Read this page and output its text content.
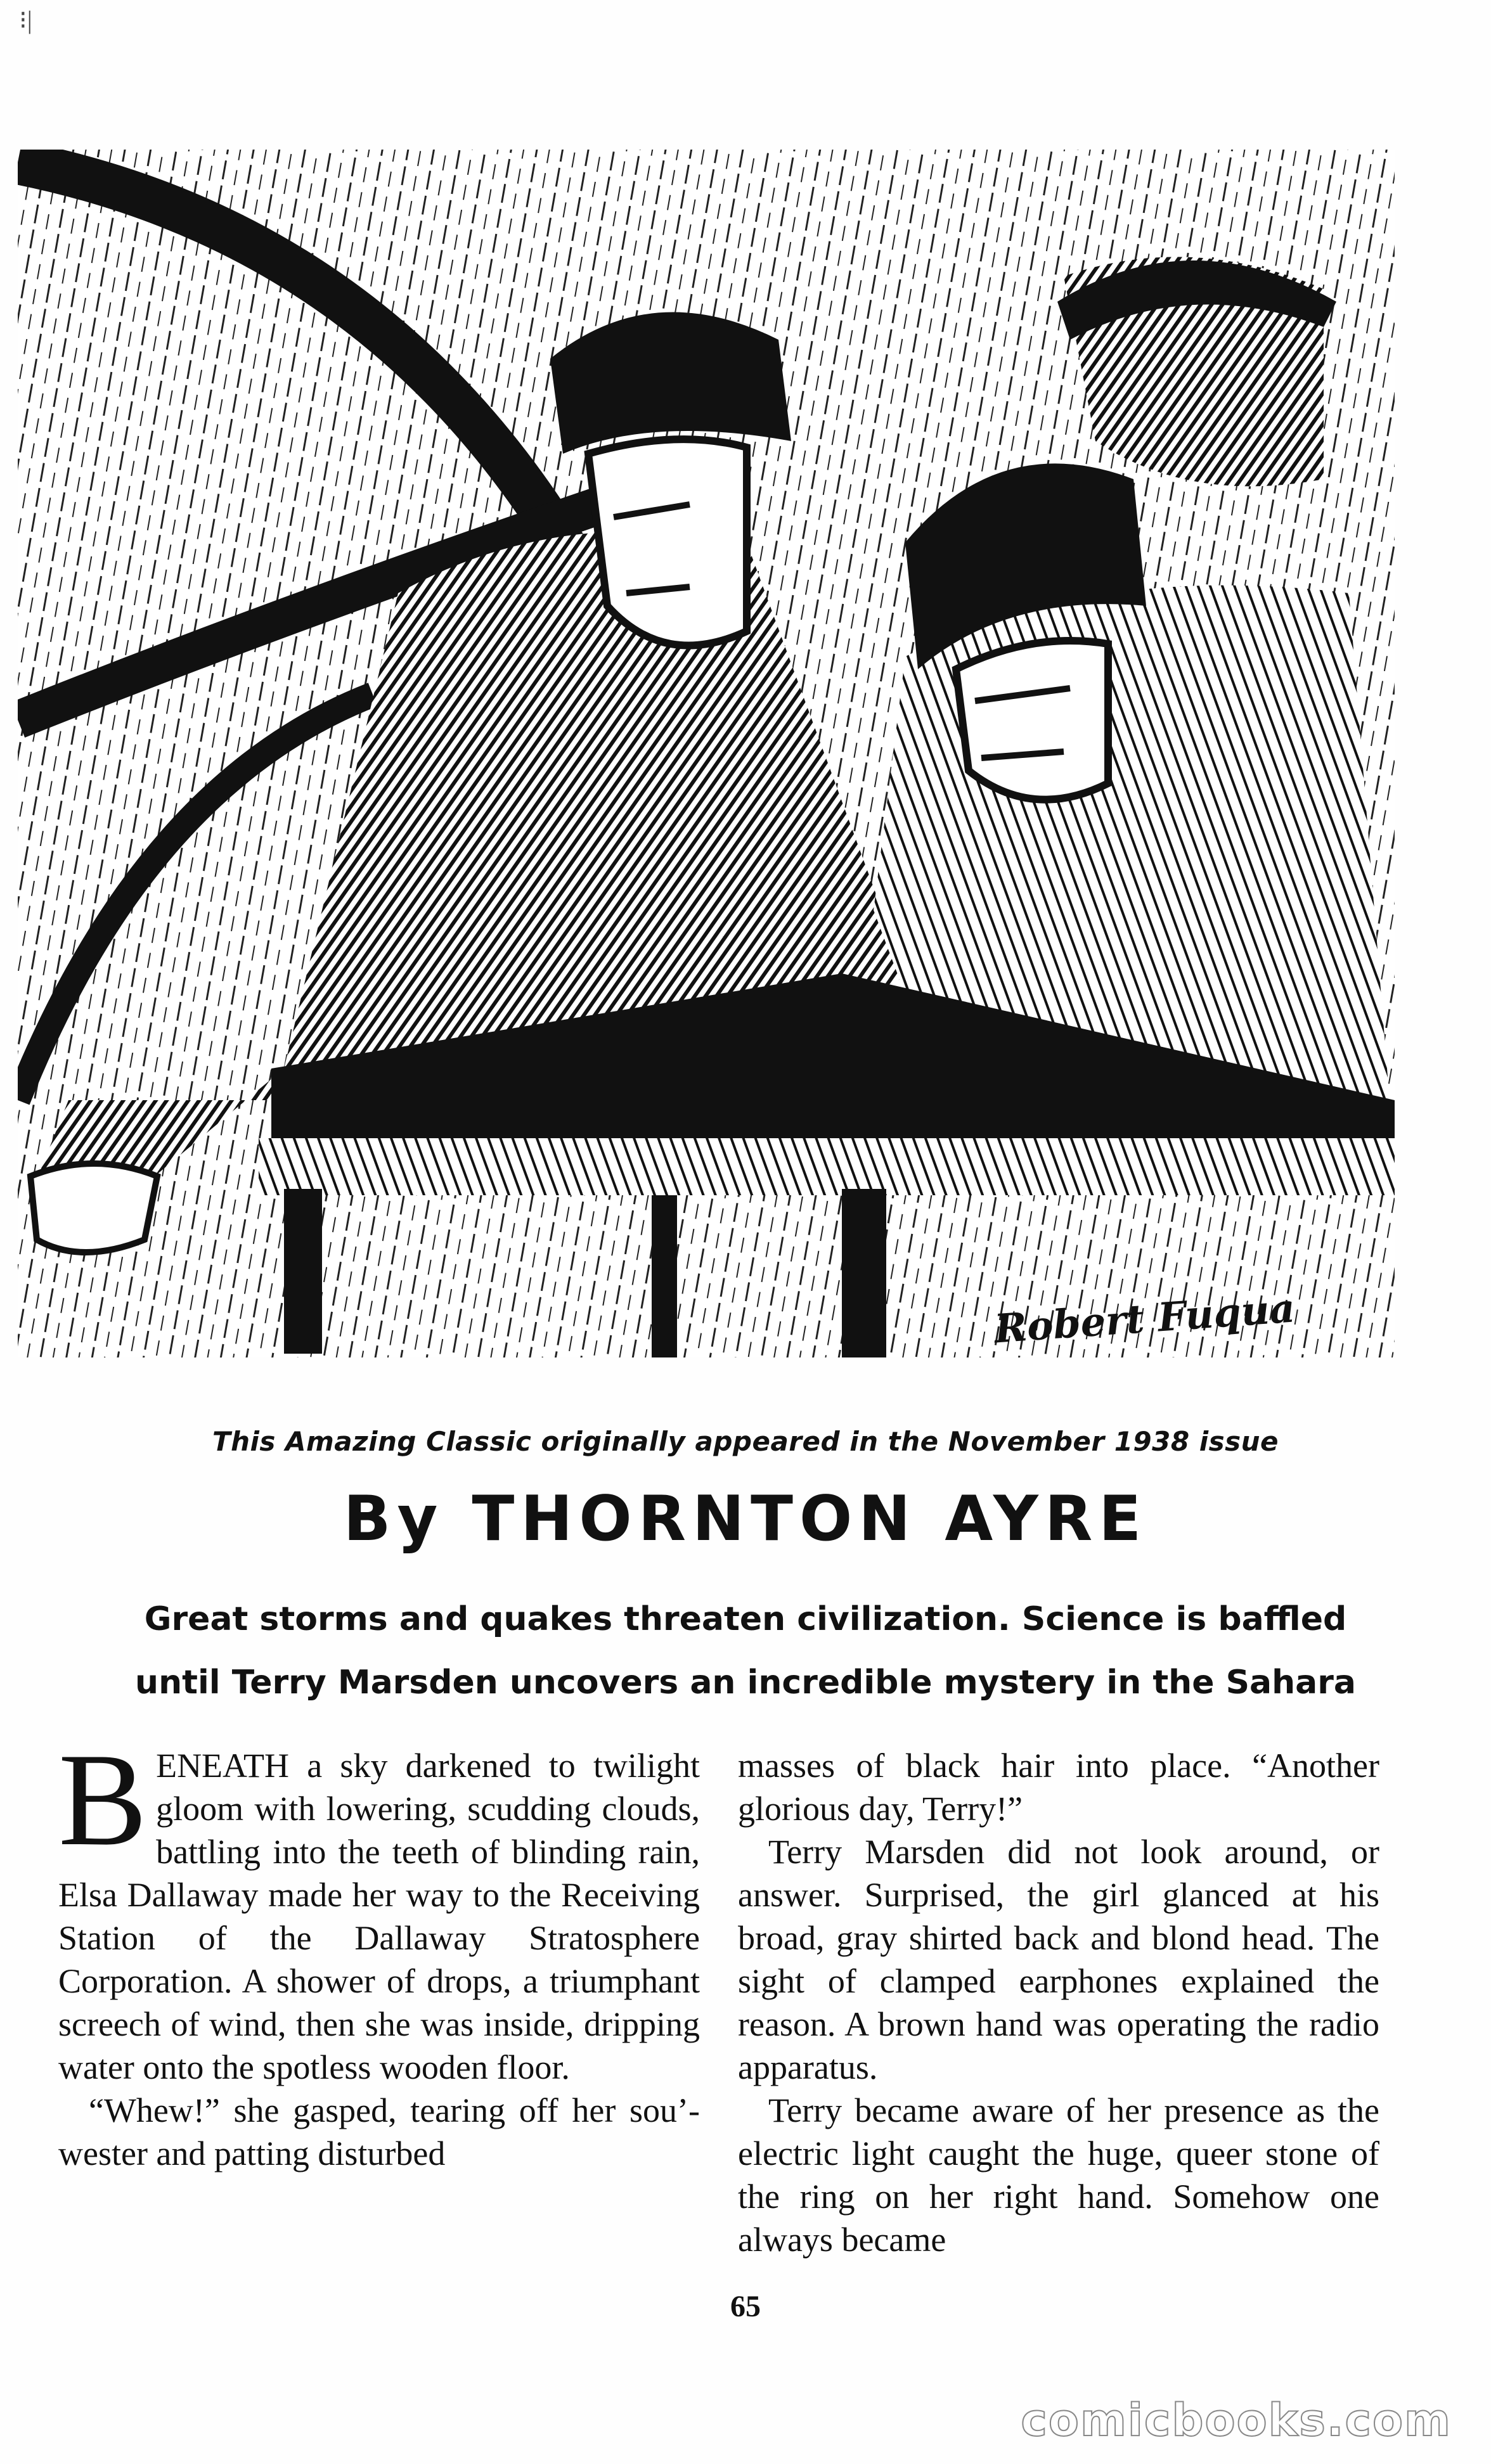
⁝|
Robert Fuqua
This Amazing Classic originally appeared in the November 1938 issue
By THORNTON AYRE
Great storms and quakes threaten civilization. Science is baffled
until Terry Marsden uncovers an incredible mystery in the Sahara

B ENEATH a sky darkened to twilight gloom with lowering, scudding clouds, battling into the teeth of blinding rain, Elsa Dallaway made her way to the Receiving Station of the Dallaway Stratosphere Corporation. A shower of drops, a triumphant screech of wind, then she was inside, dripping water onto the spotless wooden floor.

“Whew!” she gasped, tearing off her sou’-wester and patting disturbed

masses of black hair into place. “Another glorious day, Terry!”

Terry Marsden did not look around, or answer. Surprised, the girl glanced at his broad, gray shirted back and blond head. The sight of clamped earphones explained the reason. A brown hand was operating the radio apparatus.

Terry became aware of her presence as the electric light caught the huge, queer stone of the ring on her right hand. Somehow one always became

65
comicbooks.com
